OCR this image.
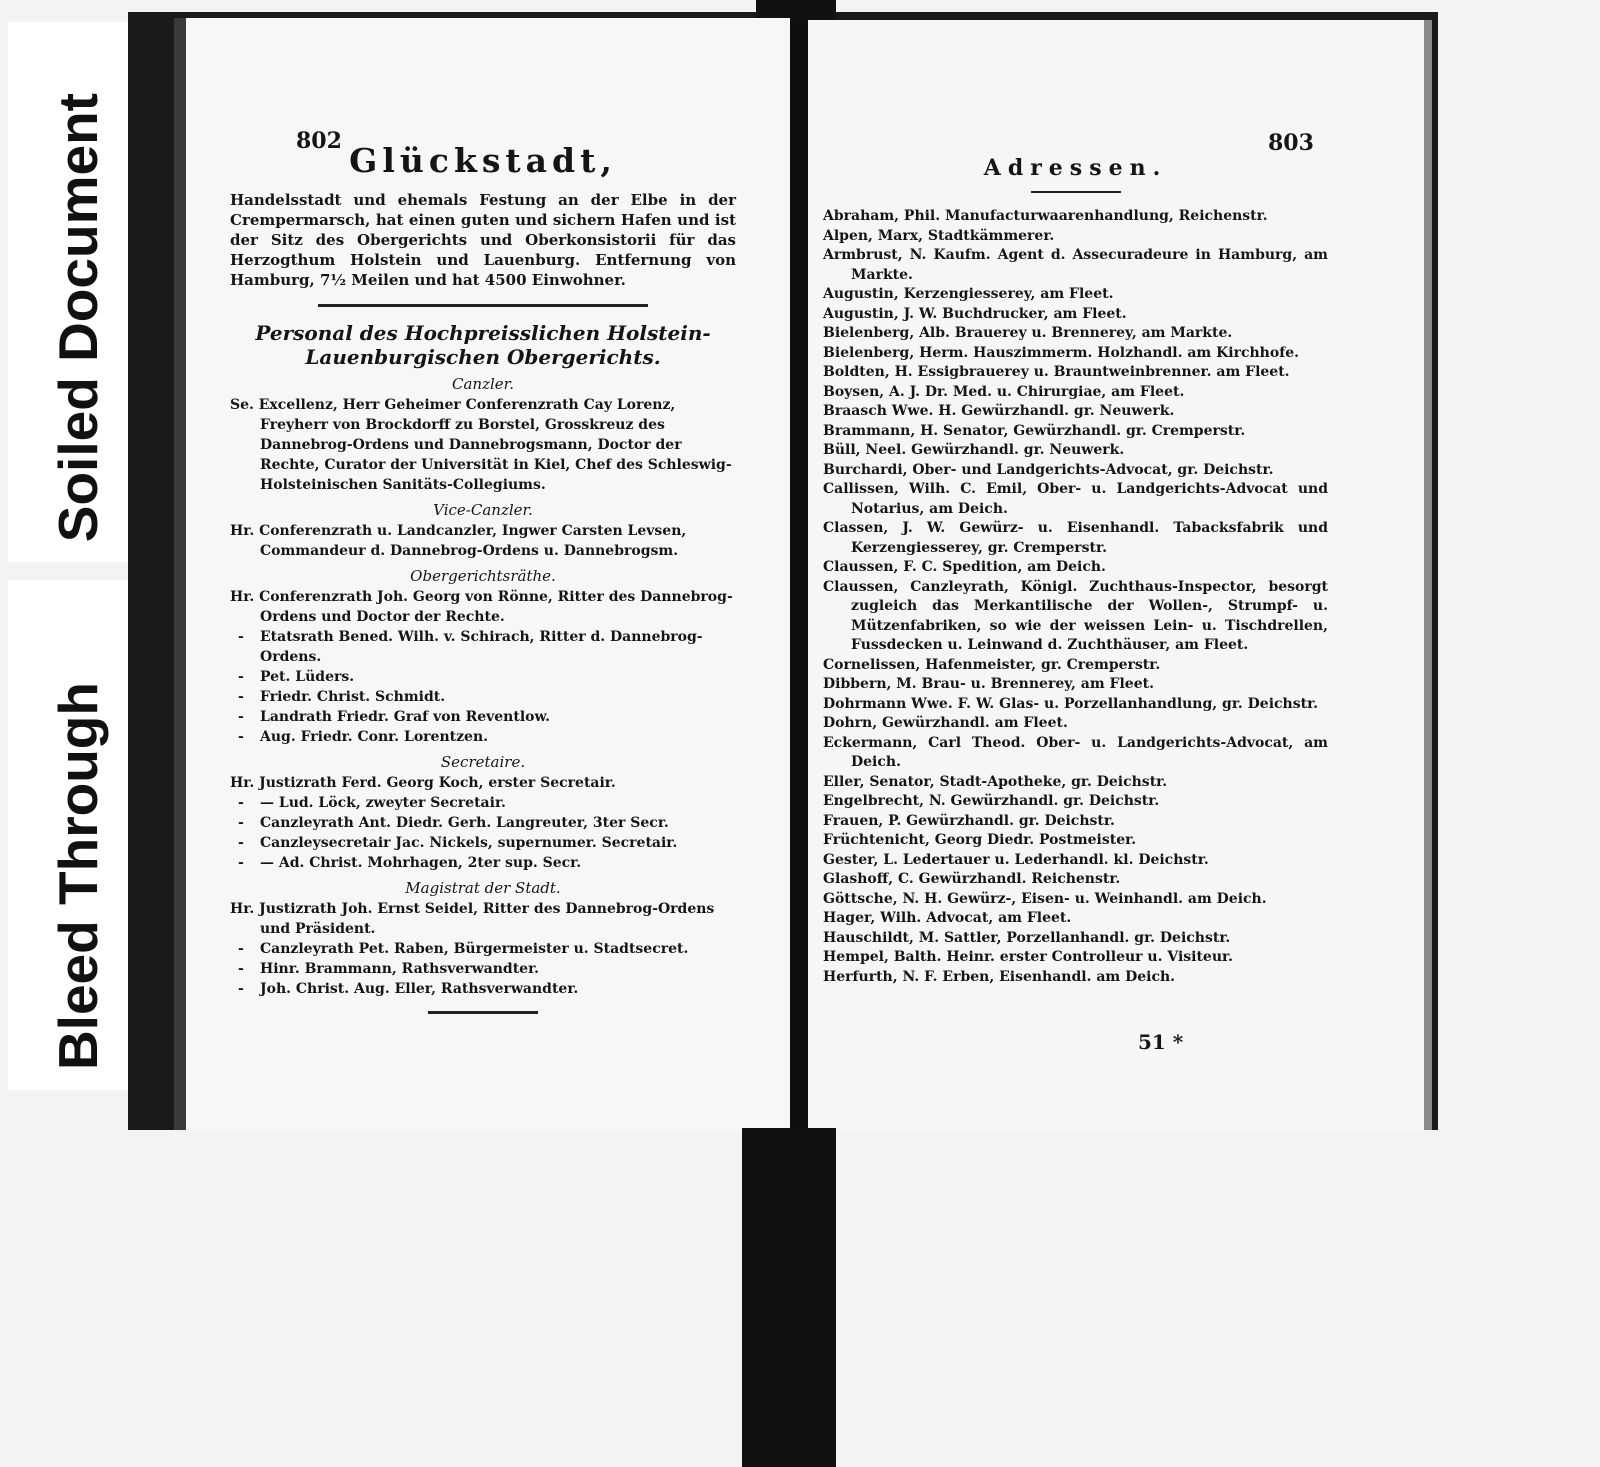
Soiled Document
Bleed Through
802 Glückstadt,
Handelsstadt und ehemals Festung an der Elbe in der Crempermarsch, hat einen guten und sichern Hafen und ist der Sitz des Obergerichts und Oberkonsistorii für das Herzogthum Holstein und Lauenburg. Entfernung von Hamburg, 7½ Meilen und hat 4500 Einwohner.
Personal des Hochpreisslichen Holstein-Lauenburgischen Obergerichts.
Canzler.

Se. Excellenz, Herr Geheimer Conferenzrath Cay Lorenz, Freyherr von Brockdorff zu Borstel, Grosskreuz des Dannebrog-Ordens und Dannebrogsmann, Doctor der Rechte, Curator der Universität in Kiel, Chef des Schleswig-Holsteinischen Sanitäts-Collegiums.

Vice-Canzler.

Hr. Conferenzrath u. Landcanzler, Ingwer Carsten Levsen, Commandeur d. Dannebrog-Ordens u. Dannebrogsm.

Obergerichtsräthe.

Hr. Conferenzrath Joh. Georg von Rönne, Ritter des Dannebrog-Ordens und Doctor der Rechte.

- Etatsrath Bened. Wilh. v. Schirach, Ritter d. Dannebrog-Ordens.
- Pet. Lüders.
- Friedr. Christ. Schmidt.
- Landrath Friedr. Graf von Reventlow.
- Aug. Friedr. Conr. Lorentzen.
Secretaire.

Hr. Justizrath Ferd. Georg Koch, erster Secretair.

- — Lud. Löck, zweyter Secretair.
- Canzleyrath Ant. Diedr. Gerh. Langreuter, 3ter Secr.
- Canzleysecretair Jac. Nickels, supernumer. Secretair.
- — Ad. Christ. Mohrhagen, 2ter sup. Secr.
Magistrat der Stadt.

Hr. Justizrath Joh. Ernst Seidel, Ritter des Dannebrog-Ordens und Präsident.

- Canzleyrath Pet. Raben, Bürgermeister u. Stadtsecret.
- Hinr. Brammann, Rathsverwandter.
- Joh. Christ. Aug. Eller, Rathsverwandter.
803
Adressen.

Abraham, Phil. Manufacturwaarenhandlung, Reichenstr.

Alpen, Marx, Stadtkämmerer.

Armbrust, N. Kaufm. Agent d. Assecuradeure in Hamburg, am Markte.

Augustin, Kerzengiesserey, am Fleet.

Augustin, J. W. Buchdrucker, am Fleet.

Bielenberg, Alb. Brauerey u. Brennerey, am Markte.

Bielenberg, Herm. Hauszimmerm. Holzhandl. am Kirchhofe.

Boldten, H. Essigbrauerey u. Brauntweinbrenner. am Fleet.

Boysen, A. J. Dr. Med. u. Chirurgiae, am Fleet.

Braasch Wwe. H. Gewürzhandl. gr. Neuwerk.

Brammann, H. Senator, Gewürzhandl. gr. Cremperstr.

Büll, Neel. Gewürzhandl. gr. Neuwerk.

Burchardi, Ober- und Landgerichts-Advocat, gr. Deichstr.

Callissen, Wilh. C. Emil, Ober- u. Landgerichts-Advocat und Notarius, am Deich.

Classen, J. W. Gewürz- u. Eisenhandl. Tabacksfabrik und Kerzengiesserey, gr. Cremperstr.

Claussen, F. C. Spedition, am Deich.

Claussen, Canzleyrath, Königl. Zuchthaus-Inspector, besorgt zugleich das Merkantilische der Wollen-, Strumpf- u. Mützenfabriken, so wie der weissen Lein- u. Tischdrellen, Fussdecken u. Leinwand d. Zuchthäuser, am Fleet.

Cornelissen, Hafenmeister, gr. Cremperstr.

Dibbern, M. Brau- u. Brennerey, am Fleet.

Dohrmann Wwe. F. W. Glas- u. Porzellanhandlung, gr. Deichstr.

Dohrn, Gewürzhandl. am Fleet.

Eckermann, Carl Theod. Ober- u. Landgerichts-Advocat, am Deich.

Eller, Senator, Stadt-Apotheke, gr. Deichstr.

Engelbrecht, N. Gewürzhandl. gr. Deichstr.

Frauen, P. Gewürzhandl. gr. Deichstr.

Früchtenicht, Georg Diedr. Postmeister.

Gester, L. Ledertauer u. Lederhandl. kl. Deichstr.

Glashoff, C. Gewürzhandl. Reichenstr.

Göttsche, N. H. Gewürz-, Eisen- u. Weinhandl. am Deich.

Hager, Wilh. Advocat, am Fleet.

Hauschildt, M. Sattler, Porzellanhandl. gr. Deichstr.

Hempel, Balth. Heinr. erster Controlleur u. Visiteur.

Herfurth, N. F. Erben, Eisenhandl. am Deich.

51 *
